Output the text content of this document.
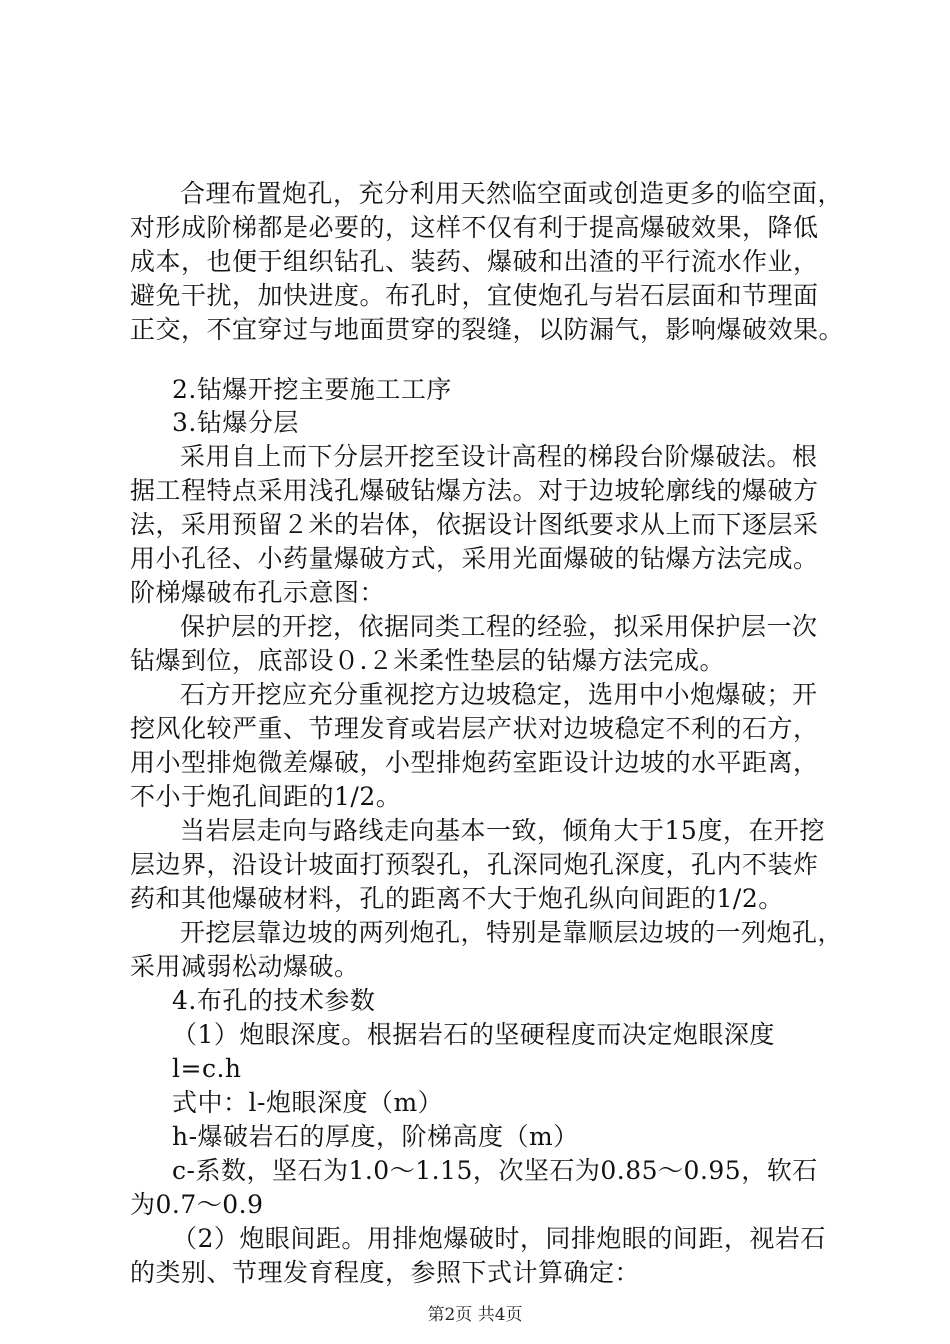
合理布置炮孔，充分利用天然临空面或创造更多的临空面，
对形成阶梯都是必要的，这样不仅有利于提高爆破效果，降低
成本，也便于组织钻孔、装药、爆破和出渣的平行流水作业，
避免干扰，加快进度。布孔时，宜使炮孔与岩石层面和节理面
正交，不宜穿过与地面贯穿的裂缝，以防漏气，影响爆破效果。
2.钻爆开挖主要施工工序
3.钻爆分层
采用自上而下分层开挖至设计高程的梯段台阶爆破法。根
据工程特点采用浅孔爆破钻爆方法。对于边坡轮廓线的爆破方
法，采用预留２米的岩体，依据设计图纸要求从上而下逐层采
用小孔径、小药量爆破方式，采用光面爆破的钻爆方法完成。
阶梯爆破布孔示意图：
保护层的开挖，依据同类工程的经验，拟采用保护层一次
钻爆到位，底部设０.２米柔性垫层的钻爆方法完成。
石方开挖应充分重视挖方边坡稳定，选用中小炮爆破；开
挖风化较严重、节理发育或岩层产状对边坡稳定不利的石方，
用小型排炮微差爆破，小型排炮药室距设计边坡的水平距离，
不小于炮孔间距的1/2。
当岩层走向与路线走向基本一致，倾角大于15度，在开挖
层边界，沿设计坡面打预裂孔，孔深同炮孔深度，孔内不装炸
药和其他爆破材料，孔的距离不大于炮孔纵向间距的1/2。
开挖层靠边坡的两列炮孔，特别是靠顺层边坡的一列炮孔，
采用减弱松动爆破。
4.布孔的技术参数
（1）炮眼深度。根据岩石的坚硬程度而决定炮眼深度
l=c.h
式中：l-炮眼深度（m）
h-爆破岩石的厚度，阶梯高度（m）
c-系数，坚石为1.0～1.15，次坚石为0.85～0.95，软石
为0.7～0.9
（2）炮眼间距。用排炮爆破时，同排炮眼的间距，视岩石
的类别、节理发育程度，参照下式计算确定：
第2页 共4页
